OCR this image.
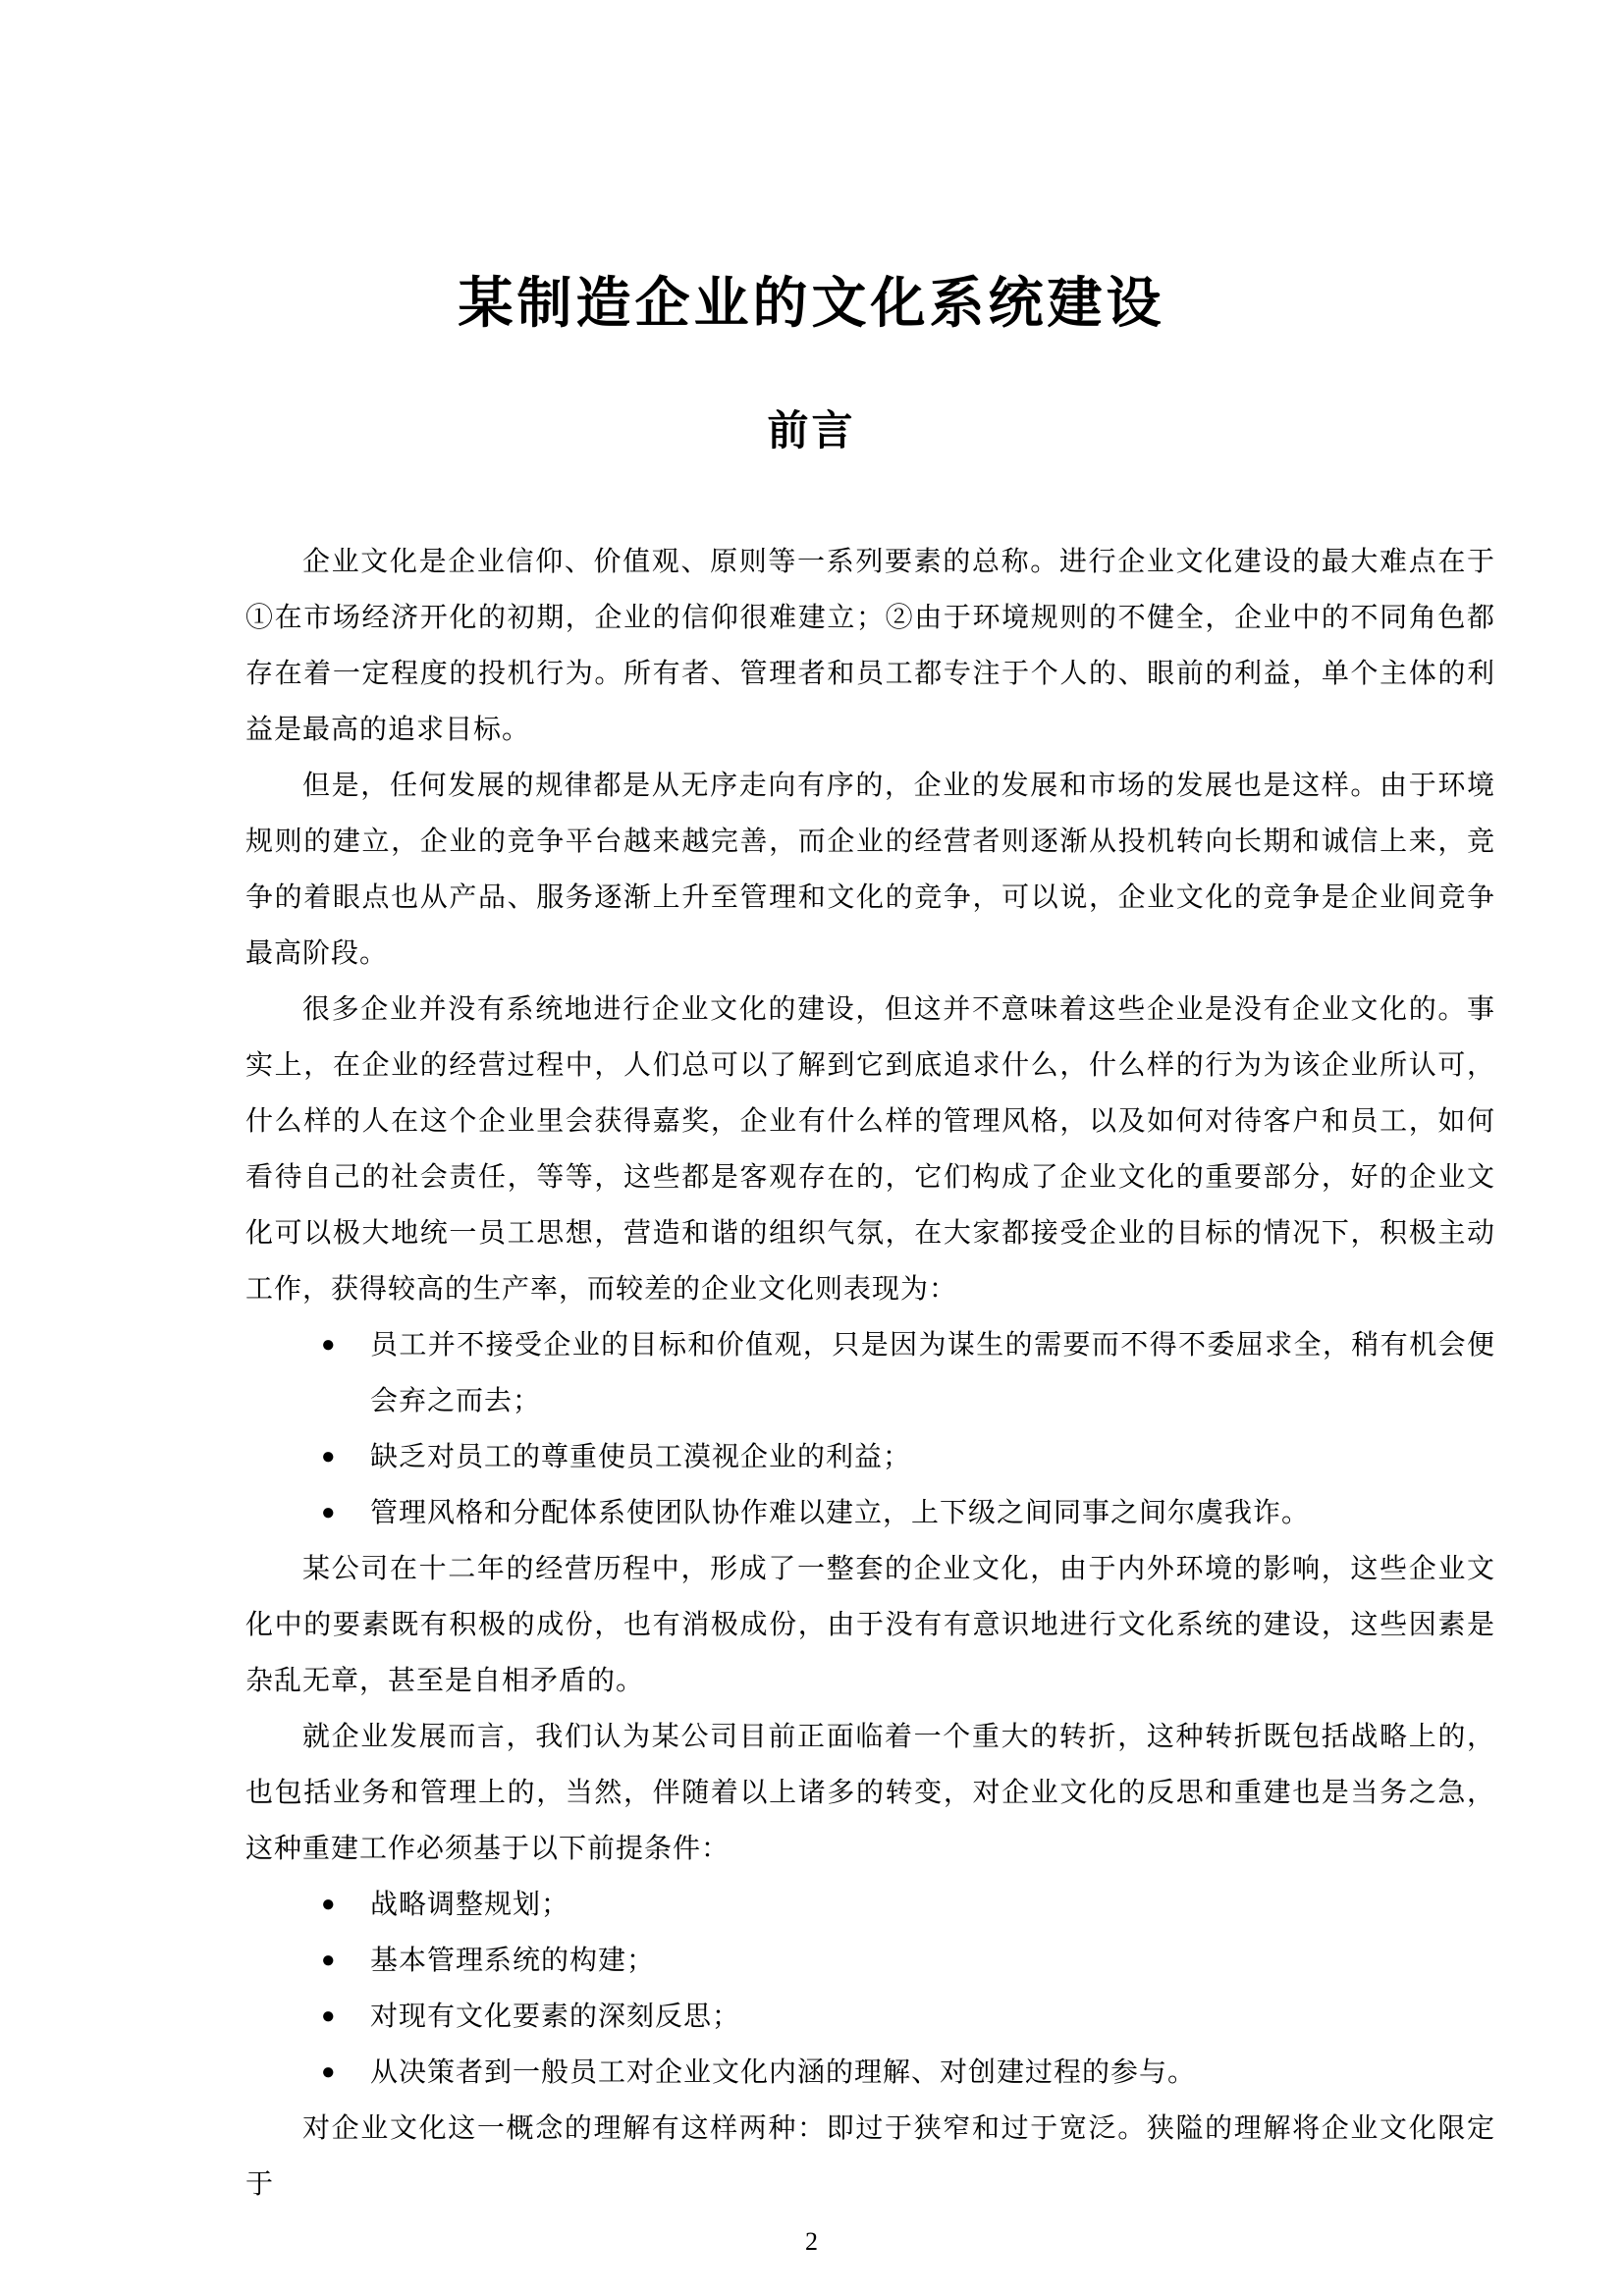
某制造企业的文化系统建设
前言

企业文化是企业信仰、价值观、原则等一系列要素的总称。进行企业文化建设的最大难点在于①在市场经济开化的初期，企业的信仰很难建立；②由于环境规则的不健全，企业中的不同角色都存在着一定程度的投机行为。所有者、管理者和员工都专注于个人的、眼前的利益，单个主体的利益是最高的追求目标。

但是，任何发展的规律都是从无序走向有序的，企业的发展和市场的发展也是这样。由于环境规则的建立，企业的竞争平台越来越完善，而企业的经营者则逐渐从投机转向长期和诚信上来，竞争的着眼点也从产品、服务逐渐上升至管理和文化的竞争，可以说，企业文化的竞争是企业间竞争最高阶段。

很多企业并没有系统地进行企业文化的建设，但这并不意味着这些企业是没有企业文化的。事实上，在企业的经营过程中，人们总可以了解到它到底追求什么，什么样的行为为该企业所认可，什么样的人在这个企业里会获得嘉奖，企业有什么样的管理风格，以及如何对待客户和员工，如何看待自己的社会责任，等等，这些都是客观存在的，它们构成了企业文化的重要部分，好的企业文化可以极大地统一员工思想，营造和谐的组织气氛，在大家都接受企业的目标的情况下，积极主动工作，获得较高的生产率，而较差的企业文化则表现为：

● 员工并不接受企业的目标和价值观，只是因为谋生的需要而不得不委屈求全，稍有机会便会弃之而去；
● 缺乏对员工的尊重使员工漠视企业的利益；
● 管理风格和分配体系使团队协作难以建立，上下级之间同事之间尔虞我诈。

某公司在十二年的经营历程中，形成了一整套的企业文化，由于内外环境的影响，这些企业文化中的要素既有积极的成份，也有消极成份，由于没有有意识地进行文化系统的建设，这些因素是杂乱无章，甚至是自相矛盾的。

就企业发展而言，我们认为某公司目前正面临着一个重大的转折，这种转折既包括战略上的，也包括业务和管理上的，当然，伴随着以上诸多的转变，对企业文化的反思和重建也是当务之急，这种重建工作必须基于以下前提条件：

● 战略调整规划；
● 基本管理系统的构建；
● 对现有文化要素的深刻反思；
● 从决策者到一般员工对企业文化内涵的理解、对创建过程的参与。

对企业文化这一概念的理解有这样两种：即过于狭窄和过于宽泛。狭隘的理解将企业文化限定于

2
